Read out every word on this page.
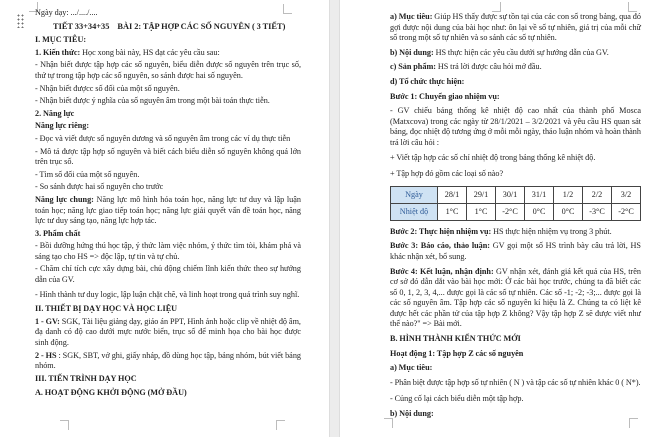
Ngày dạy: .../..../....

TIẾT 33+34+35   BÀI 2: TẬP HỢP CÁC SỐ NGUYÊN ( 3 TIẾT)

I. MỤC TIÊU:

1. Kiến thức: Học xong bài này, HS đạt các yêu cầu sau:

- Nhận biết được tập hợp các số nguyên, biểu diễn được số nguyên trên trục số, thứ tự trong tập hợp các số nguyên, so sánh được hai số nguyên.

- Nhận biết đượcc số đối của một số nguyên.

- Nhận biết được ý nghĩa của số nguyên âm trong một bài toán thực tiễn.

2. Năng lực

Năng lực riêng:

- Đọc và viết được số nguyên dương và số nguyên âm trong các ví dụ thực tiễn

- Mô tả được tập hợp số nguyên và biết cách biểu diễn số nguyên không quá lớn trên trục số.

- Tìm số đối của một số nguyên.

- So sánh được hai số nguyên cho trước

Năng lực chung: Năng lực mô hình hóa toán học, năng lực tư duy và lập luận toán học; năng lực giao tiếp toán học; năng lực giải quyết vấn đề toán học, năng lực tư duy sáng tạo, năng lực hợp tác.

3. Phẩm chất

- Bồi dưỡng hứng thú học tập, ý thức làm việc nhóm, ý thức tìm tòi, khám phá và sáng tạo cho HS => độc lập, tự tin và tự chủ.

- Chăm chỉ tích cực xây dựng bài, chủ động chiếm lĩnh kiến thức theo sự hướng dẫn của GV.

- Hình thành tư duy logic, lập luận chặt chẽ, và linh hoạt trong quá trình suy nghĩ.

II. THIẾT BỊ DẠY HỌC VÀ HỌC LIỆU

1 - GV: SGK, Tài liệu giảng dạy, giáo án PPT, Hình ảnh hoặc clip về nhiệt độ âm, đạ danh có độ cao dưới mực nước biển, trục số để minh họa cho bài học được sinh động.

2 - HS : SGK, SBT, vở ghi, giấy nháp, đồ dùng học tập, bảng nhóm, bút viết bảng nhóm.

III. TIẾN TRÌNH DẠY HỌC

A. HOẠT ĐỘNG KHỞI ĐỘNG (MỞ ĐẦU)

a) Mục tiêu: Giúp HS thấy được sự tồn tại của các con số trong bảng, qua đó gợi được nội dung của bài học như: ôn lại về số tự nhiên, giá trị của mỗi chữ số trong một số tự nhiên và so sánh các số tự nhiên.

b) Nội dung: HS thực hiện các yêu cầu dưới sự hướng dẫn của GV.

c) Sản phẩm: HS trả lời được câu hỏi mở đầu.

d) Tổ chức thực hiện:

Bước 1: Chuyển giao nhiệm vụ:

- GV chiếu bảng thống kê nhiệt độ cao nhất của thành phố Mosca (Matxcova) trong các ngày từ 28/1/2021 – 3/2/2021 và yêu cầu HS quan sát bảng, đọc nhiệt độ tương ứng ở mỗi mỗi ngày, thảo luận nhóm và hoàn thành trả lời câu hỏi :

+ Viết tập hợp các số chỉ nhiệt độ trong bảng thống kê nhiệt độ.

+ Tập hợp đó gồm các loại số nào?

Ngày	28/1	29/1	30/1	31/1	1/2	2/2	3/2
Nhiệt độ	1°C	1°C	-2°C	0°C	0°C	-3°C	-2°C

Bước 2: Thực hiện nhiệm vụ: HS thực hiện nhiệm vụ trong 3 phút.

Bước 3: Báo cáo, thảo luận: GV gọi một số HS trình bày câu trả lời, HS khác nhận xét, bổ sung.

Bước 4: Kết luận, nhận định: GV nhận xét, đánh giá kết quả của HS, trên cơ sở đó dẫn dắt vào bài học mới: Ở các bài học trước, chúng ta đã biết các số 0, 1, 2, 3, 4,... được gọi là các số tự nhiên. Các số -1; -2; -3;... được gọi là các số nguyên âm. Tập hợp các số nguyên kí hiệu là Z. Chúng ta có liệt kê được hết các phần tử của tập hợp Z không? Vậy tập hợp Z sẽ được viết như thế nào?" => Bài mới.

B. HÌNH THÀNH KIẾN THỨC MỚI

Hoạt động 1: Tập hợp Z các số nguyên

a) Mục tiêu:

- Phân biệt được tập hợp số tự nhiên ( N ) và tập các số tự nhiên khác 0 ( N*).

- Củng cố lại cách biểu diễn một tập hợp.

b) Nội dung:
